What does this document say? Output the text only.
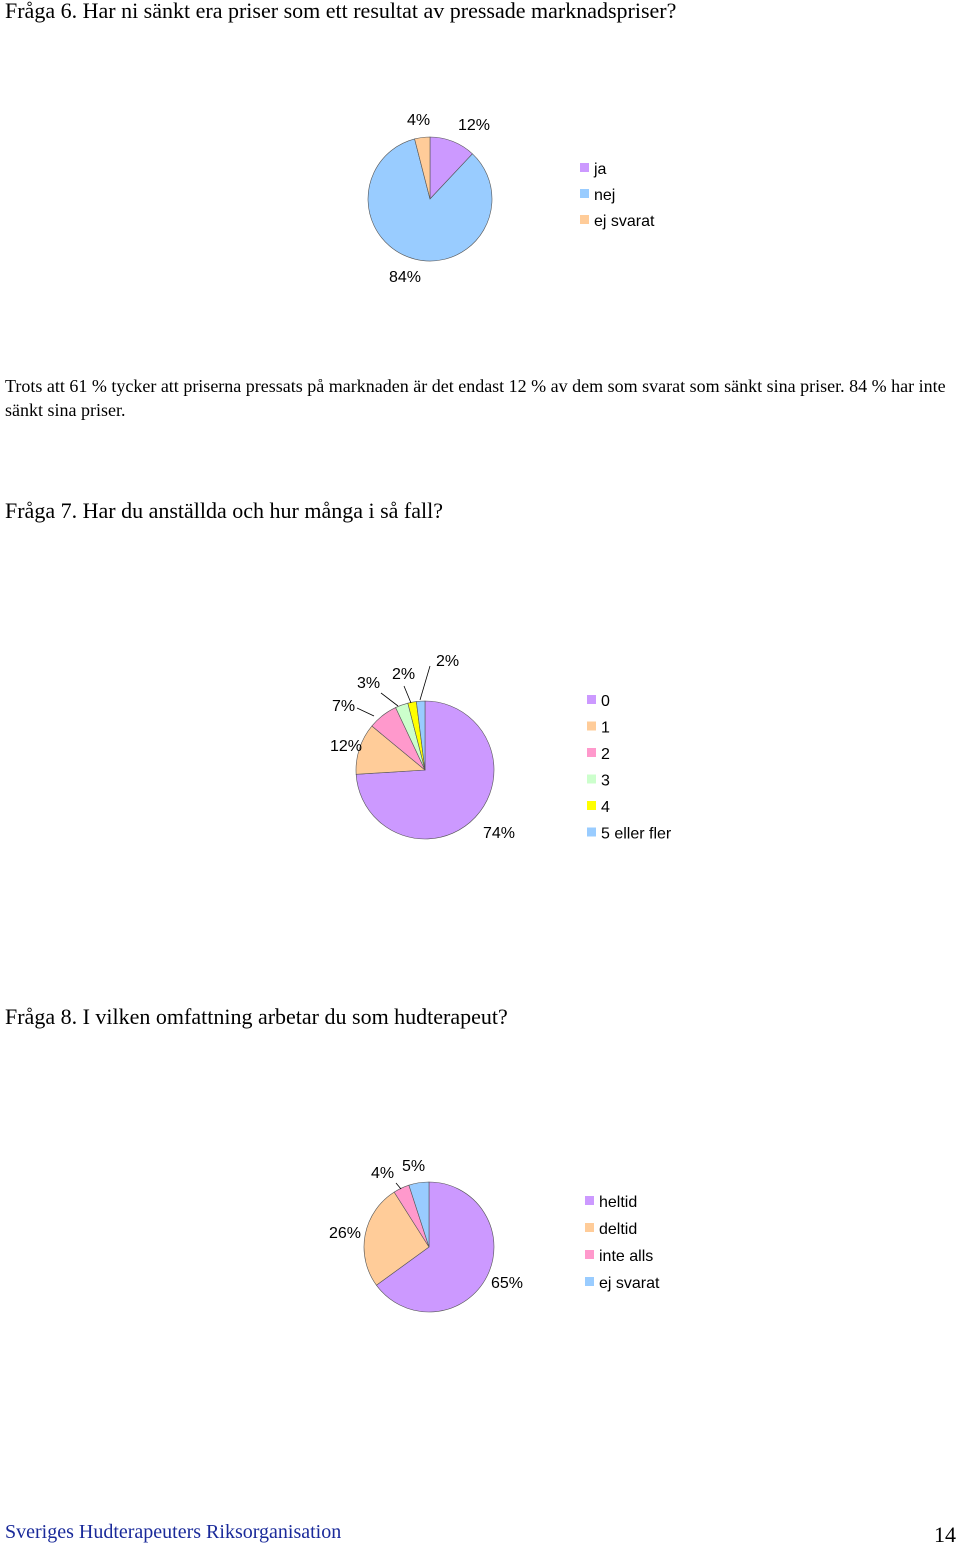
Fråga 6. Har ni sänkt era priser som ett resultat av pressade marknadspriser?
12%
84%
4%
ja
nej
ej svarat
Trots att 61 % tycker att priserna pressats på marknaden är det endast 12 % av dem som svarat som sänkt sina priser. 84 % har inte sänkt sina priser.
Fråga 7. Har du anställda och hur många i så fall?
74%
12%
7%
3%
2%
2%
0
1
2
3
4
5 eller fler
Fråga 8. I vilken omfattning arbetar du som hudterapeut?
65%
26%
4% 5%
heltid
deltid
inte alls
ej svarat
Sveriges Hudterapeuters Riksorganisation	14
